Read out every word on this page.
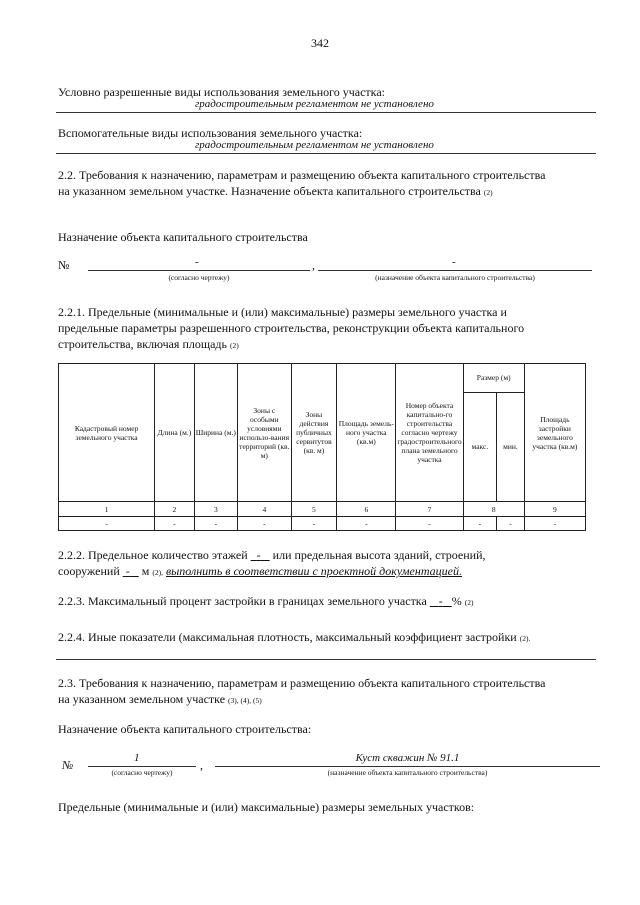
342
Условно разрешенные виды использования земельного участка:
градостроительным регламентом не установлено
Вспомогательные виды использования земельного участка:
градостроительным регламентом не установлено
2.2. Требования к назначению, параметрам и размещению объекта капитального строительства
на указанном земельном участке. Назначение объекта капитального строительства (2)
Назначение объекта капитального строительства
№	-	,	-
(согласно чертежу)	(назначение объекта капитального строительства)
2.2.1. Предельные (минимальные и (или) максимальные) размеры земельного участка и
предельные параметры разрешенного строительства, реконструкции объекта капитального
строительства, включая площадь (2)
Кадастровый номер земельного участка	Длина (м.)	Ширина (м.)	Зоны с особыми условиями использо-вания территорий (кв. м)	Зоны действия публичных сервитутов (кв. м)	Площадь земель-ного участка (кв.м)	Номер объекта капитально-го строительства согласно чертежу градостроительного плана земельного участка	Размер (м)		Площадь застройки земельного участка (кв.м)
							макс.	мин.	
1	2	3	4	5	6	7	8		9
-	-	-	-	-	-	-	-	-	-
2.2.2. Предельное количество этажей - или предельная высота зданий, строений,
сооружений - м (2), выполнить в соответствии с проектной документацией.
2.2.3. Максимальный процент застройки в границах земельного участка - % (2)
2.2.4. Иные показатели (максимальная плотность, максимальный коэффициент застройки (2).
2.3. Требования к назначению, параметрам и размещению объекта капитального строительства
на указанном земельном участке (3), (4), (5)
Назначение объекта капитального строительства:
№	1	,	Куст скважин № 91.1
(согласно чертежу)	(назначение объекта капитального строительства)
Предельные (минимальные и (или) максимальные) размеры земельных участков:
